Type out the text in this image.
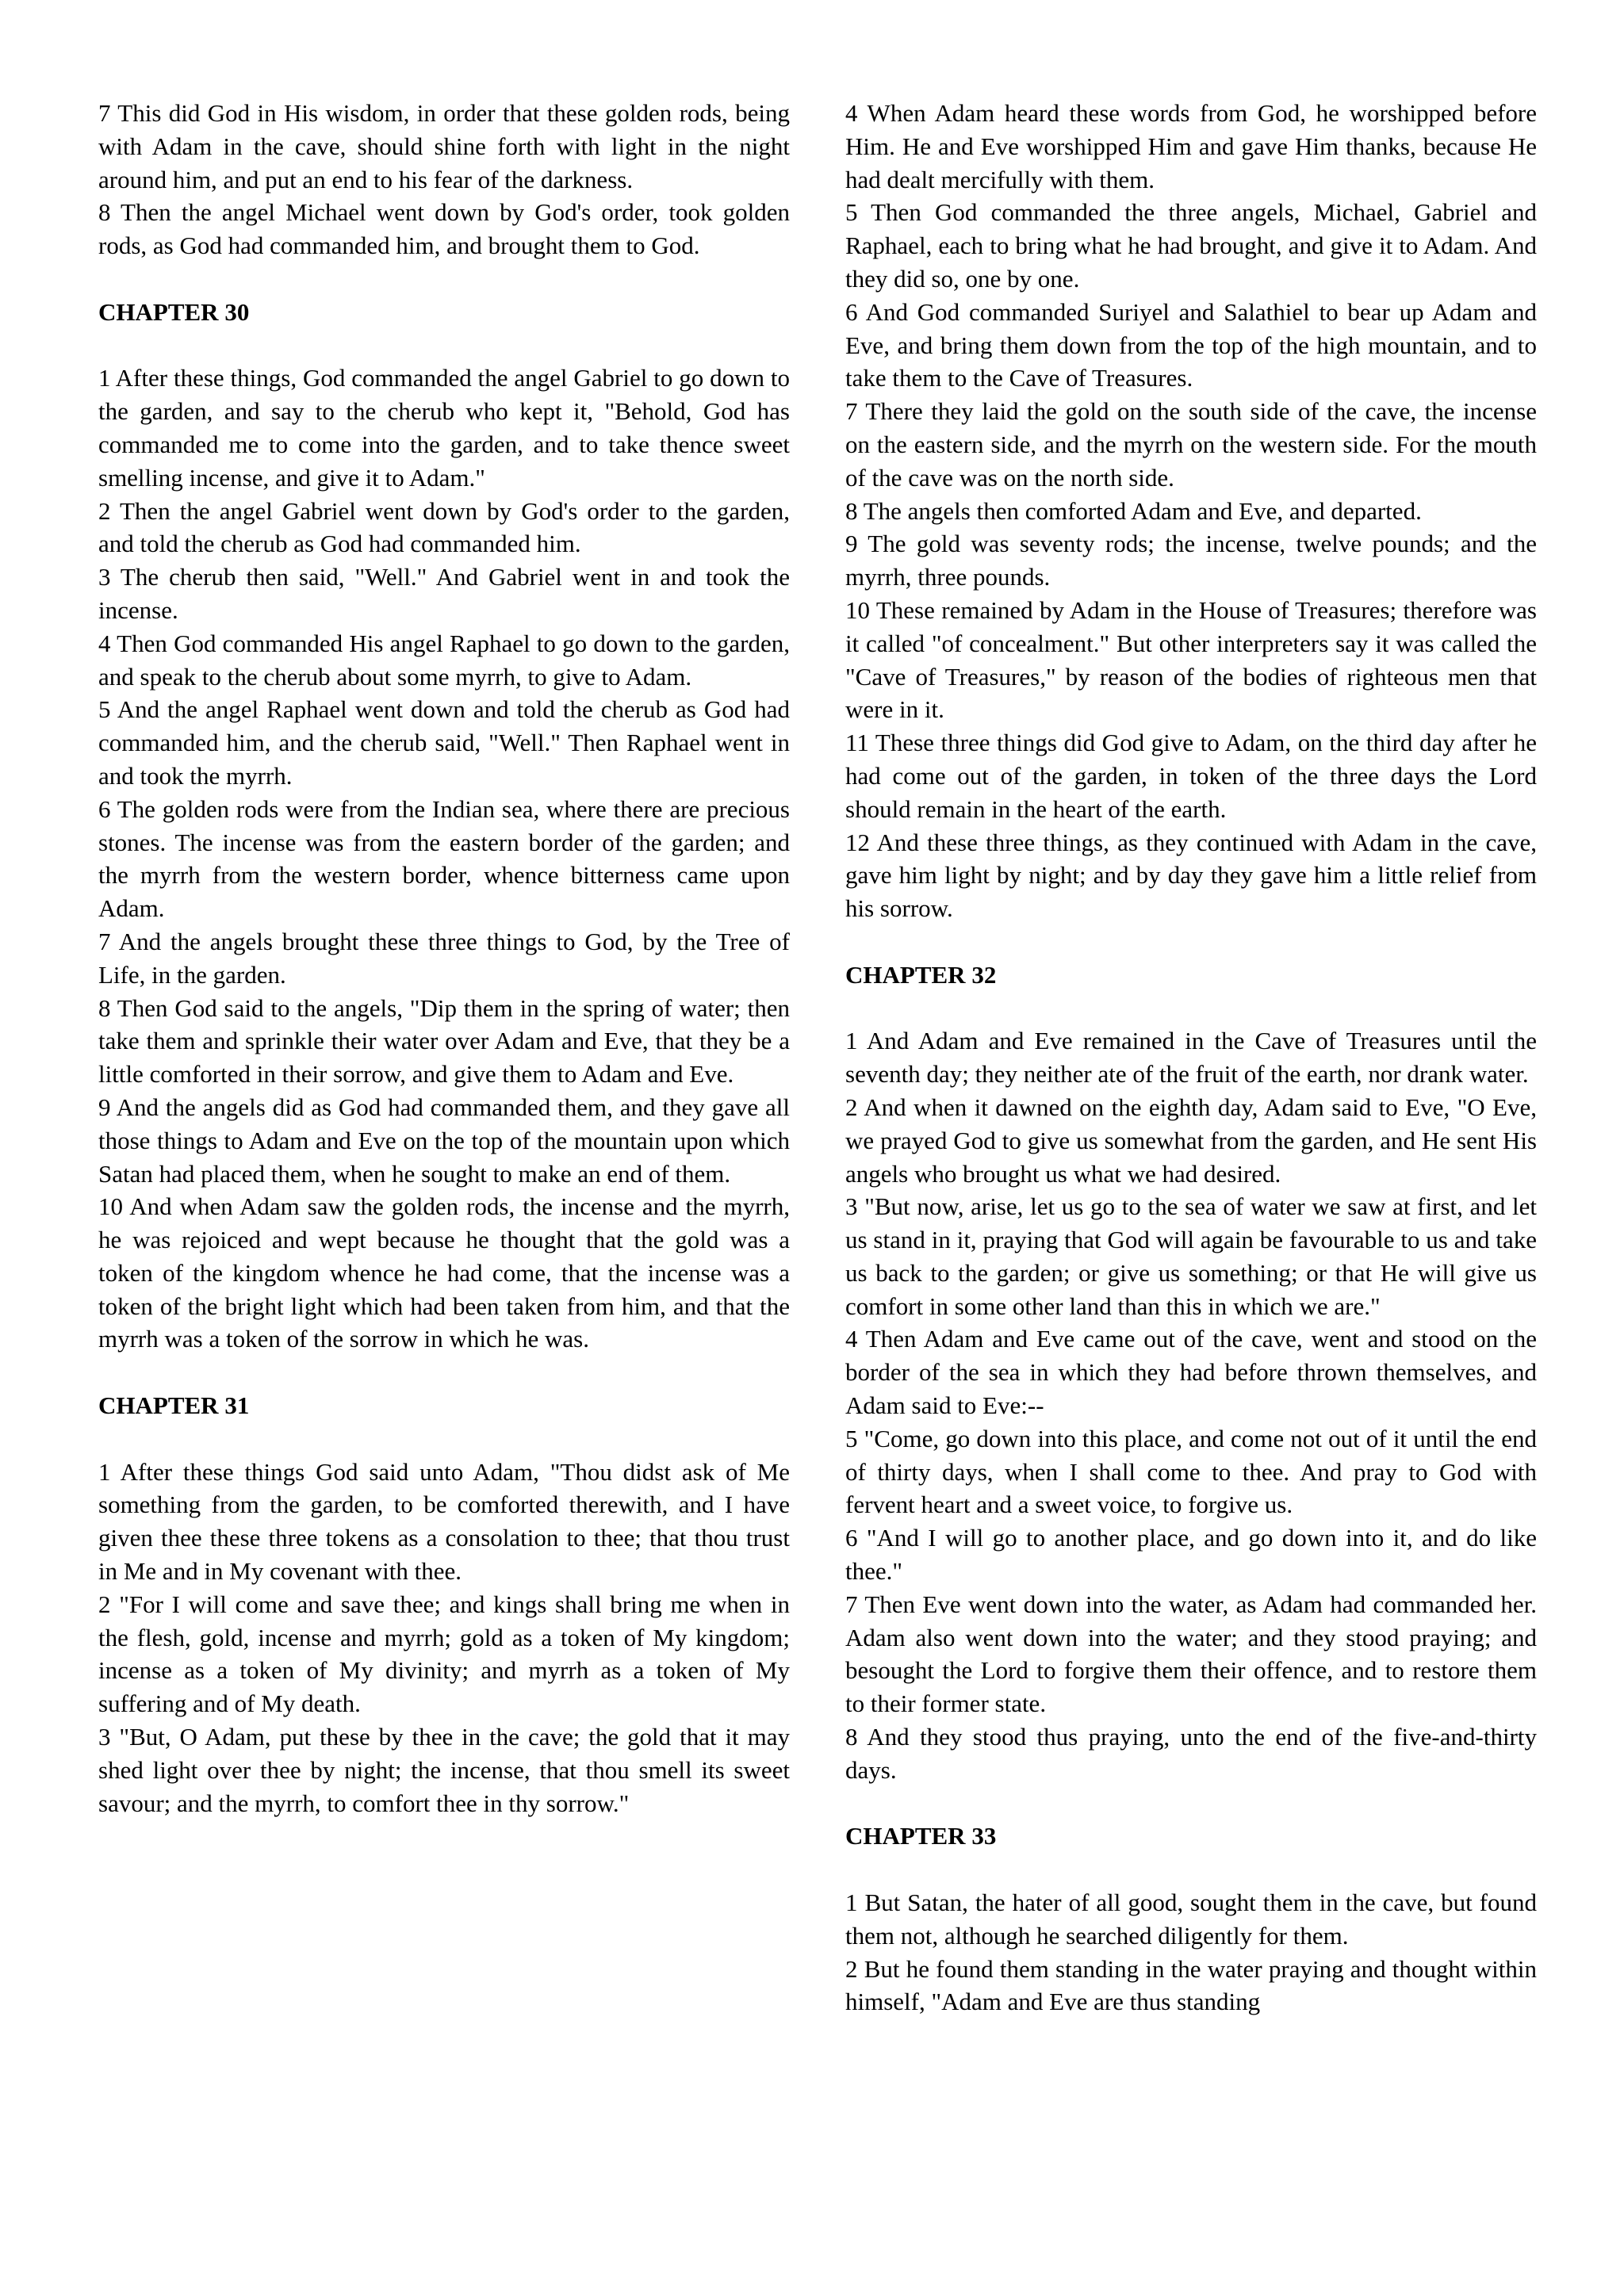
7 This did God in His wisdom, in order that these golden rods, being with Adam in the cave, should shine forth with light in the night around him, and put an end to his fear of the darkness.

8 Then the angel Michael went down by God's order, took golden rods, as God had commanded him, and brought them to God.

CHAPTER 30

1 After these things, God commanded the angel Gabriel to go down to the garden, and say to the cherub who kept it, "Behold, God has commanded me to come into the garden, and to take thence sweet smelling incense, and give it to Adam."

2 Then the angel Gabriel went down by God's order to the garden, and told the cherub as God had commanded him.

3 The cherub then said, "Well." And Gabriel went in and took the incense.

4 Then God commanded His angel Raphael to go down to the garden, and speak to the cherub about some myrrh, to give to Adam.

5 And the angel Raphael went down and told the cherub as God had commanded him, and the cherub said, "Well." Then Raphael went in and took the myrrh.

6 The golden rods were from the Indian sea, where there are precious stones. The incense was from the eastern border of the garden; and the myrrh from the western border, whence bitterness came upon Adam.

7 And the angels brought these three things to God, by the Tree of Life, in the garden.

8 Then God said to the angels, "Dip them in the spring of water; then take them and sprinkle their water over Adam and Eve, that they be a little comforted in their sorrow, and give them to Adam and Eve.

9 And the angels did as God had commanded them, and they gave all those things to Adam and Eve on the top of the mountain upon which Satan had placed them, when he sought to make an end of them.

10 And when Adam saw the golden rods, the incense and the myrrh, he was rejoiced and wept because he thought that the gold was a token of the kingdom whence he had come, that the incense was a token of the bright light which had been taken from him, and that the myrrh was a token of the sorrow in which he was.

CHAPTER 31

1 After these things God said unto Adam, "Thou didst ask of Me something from the garden, to be comforted therewith, and I have given thee these three tokens as a consolation to thee; that thou trust in Me and in My covenant with thee.

2 "For I will come and save thee; and kings shall bring me when in the flesh, gold, incense and myrrh; gold as a token of My kingdom; incense as a token of My divinity; and myrrh as a token of My suffering and of My death.

3 "But, O Adam, put these by thee in the cave; the gold that it may shed light over thee by night; the incense, that thou smell its sweet savour; and the myrrh, to comfort thee in thy sorrow."

4 When Adam heard these words from God, he worshipped before Him. He and Eve worshipped Him and gave Him thanks, because He had dealt mercifully with them.

5 Then God commanded the three angels, Michael, Gabriel and Raphael, each to bring what he had brought, and give it to Adam. And they did so, one by one.

6 And God commanded Suriyel and Salathiel to bear up Adam and Eve, and bring them down from the top of the high mountain, and to take them to the Cave of Treasures.

7 There they laid the gold on the south side of the cave, the incense on the eastern side, and the myrrh on the western side. For the mouth of the cave was on the north side.

8 The angels then comforted Adam and Eve, and departed.

9 The gold was seventy rods; the incense, twelve pounds; and the myrrh, three pounds.

10 These remained by Adam in the House of Treasures; therefore was it called "of concealment." But other interpreters say it was called the "Cave of Treasures," by reason of the bodies of righteous men that were in it.

11 These three things did God give to Adam, on the third day after he had come out of the garden, in token of the three days the Lord should remain in the heart of the earth.

12 And these three things, as they continued with Adam in the cave, gave him light by night; and by day they gave him a little relief from his sorrow.

CHAPTER 32

1 And Adam and Eve remained in the Cave of Treasures until the seventh day; they neither ate of the fruit of the earth, nor drank water.

2 And when it dawned on the eighth day, Adam said to Eve, "O Eve, we prayed God to give us somewhat from the garden, and He sent His angels who brought us what we had desired.

3 "But now, arise, let us go to the sea of water we saw at first, and let us stand in it, praying that God will again be favourable to us and take us back to the garden; or give us something; or that He will give us comfort in some other land than this in which we are."

4 Then Adam and Eve came out of the cave, went and stood on the border of the sea in which they had before thrown themselves, and Adam said to Eve:--

5 "Come, go down into this place, and come not out of it until the end of thirty days, when I shall come to thee. And pray to God with fervent heart and a sweet voice, to forgive us.

6 "And I will go to another place, and go down into it, and do like thee."

7 Then Eve went down into the water, as Adam had commanded her. Adam also went down into the water; and they stood praying; and besought the Lord to forgive them their offence, and to restore them to their former state.

8 And they stood thus praying, unto the end of the five-and-thirty days.

CHAPTER 33

1 But Satan, the hater of all good, sought them in the cave, but found them not, although he searched diligently for them.

2 But he found them standing in the water praying and thought within himself, "Adam and Eve are thus standing
